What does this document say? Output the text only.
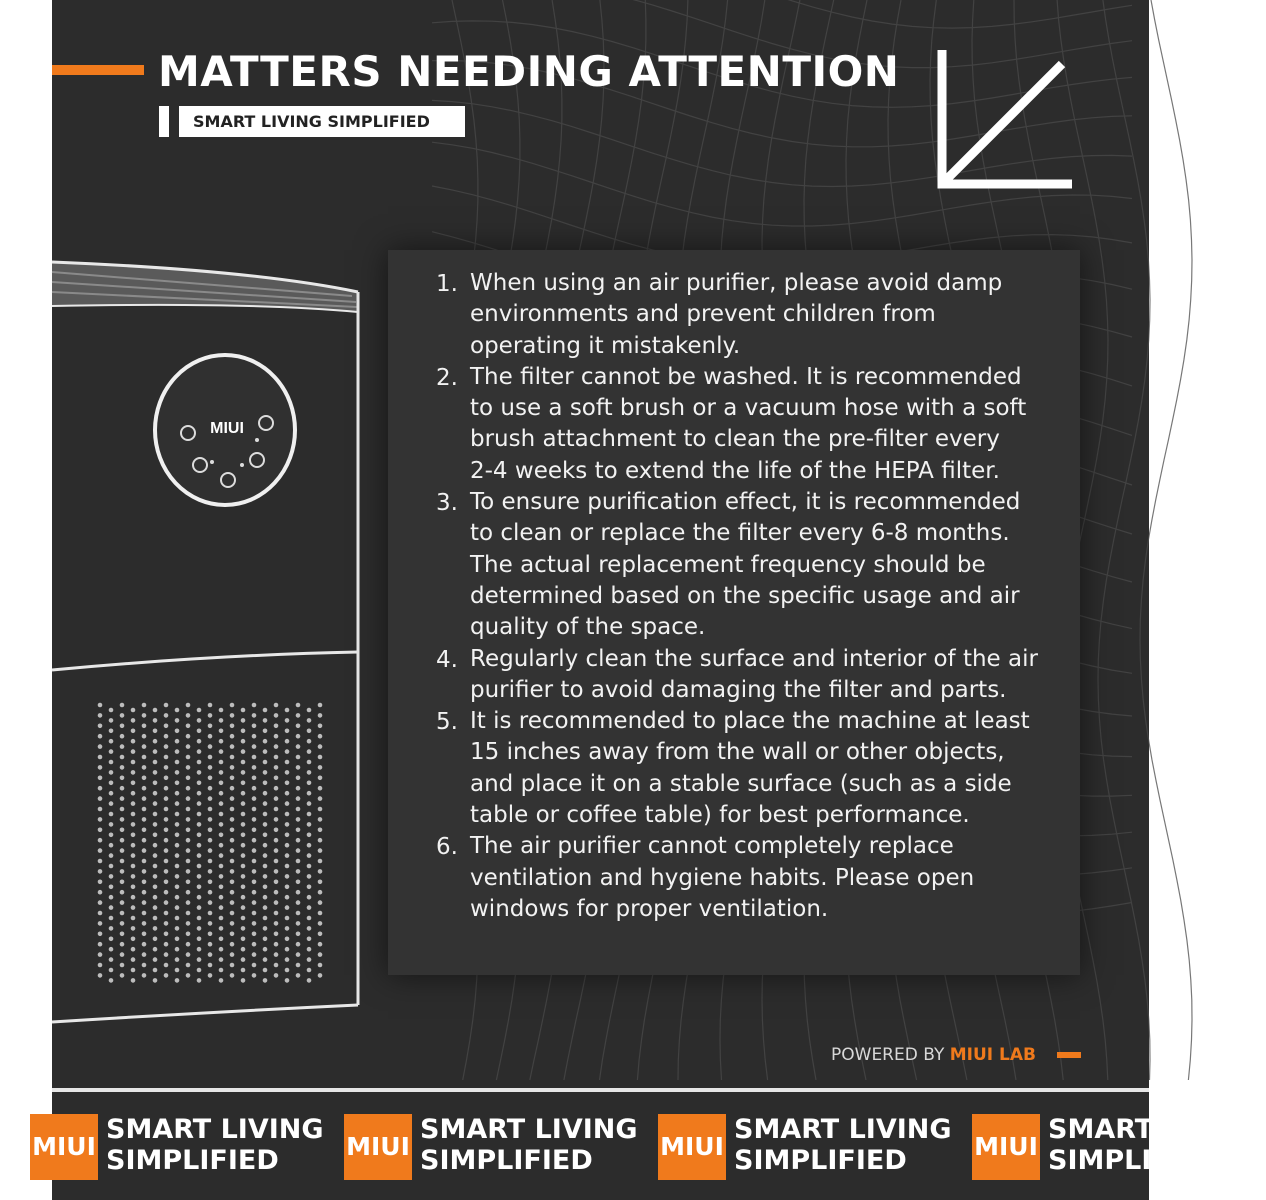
MATTERS NEEDING ATTENTION
SMART LIVING SIMPLIFIED
MIUI
1. When using an air purifier, please avoid damp
environments and prevent children from
operating it mistakenly.
2. The filter cannot be washed. It is recommended
to use a soft brush or a vacuum hose with a soft
brush attachment to clean the pre-filter every
2-4 weeks to extend the life of the HEPA filter.
3. To ensure purification effect, it is recommended
to clean or replace the filter every 6-8 months.
The actual replacement frequency should be
determined based on the specific usage and air
quality of the space.
4. Regularly clean the surface and interior of the air
purifier to avoid damaging the filter and parts.
5. It is recommended to place the machine at least
15 inches away from the wall or other objects,
and place it on a stable surface (such as a side
table or coffee table) for best performance.
6. The air purifier cannot completely replace
ventilation and hygiene habits. Please open
windows for proper ventilation.
POWERED BY MIUI LAB
MIUI
SMART LIVING
SIMPLIFIED	MIUI
SMART LIVING
SIMPLIFIED	MIUI
SMART LIVING
SIMPLIFIED	MIUI
SMART LIVING
SIMPLIFIED
